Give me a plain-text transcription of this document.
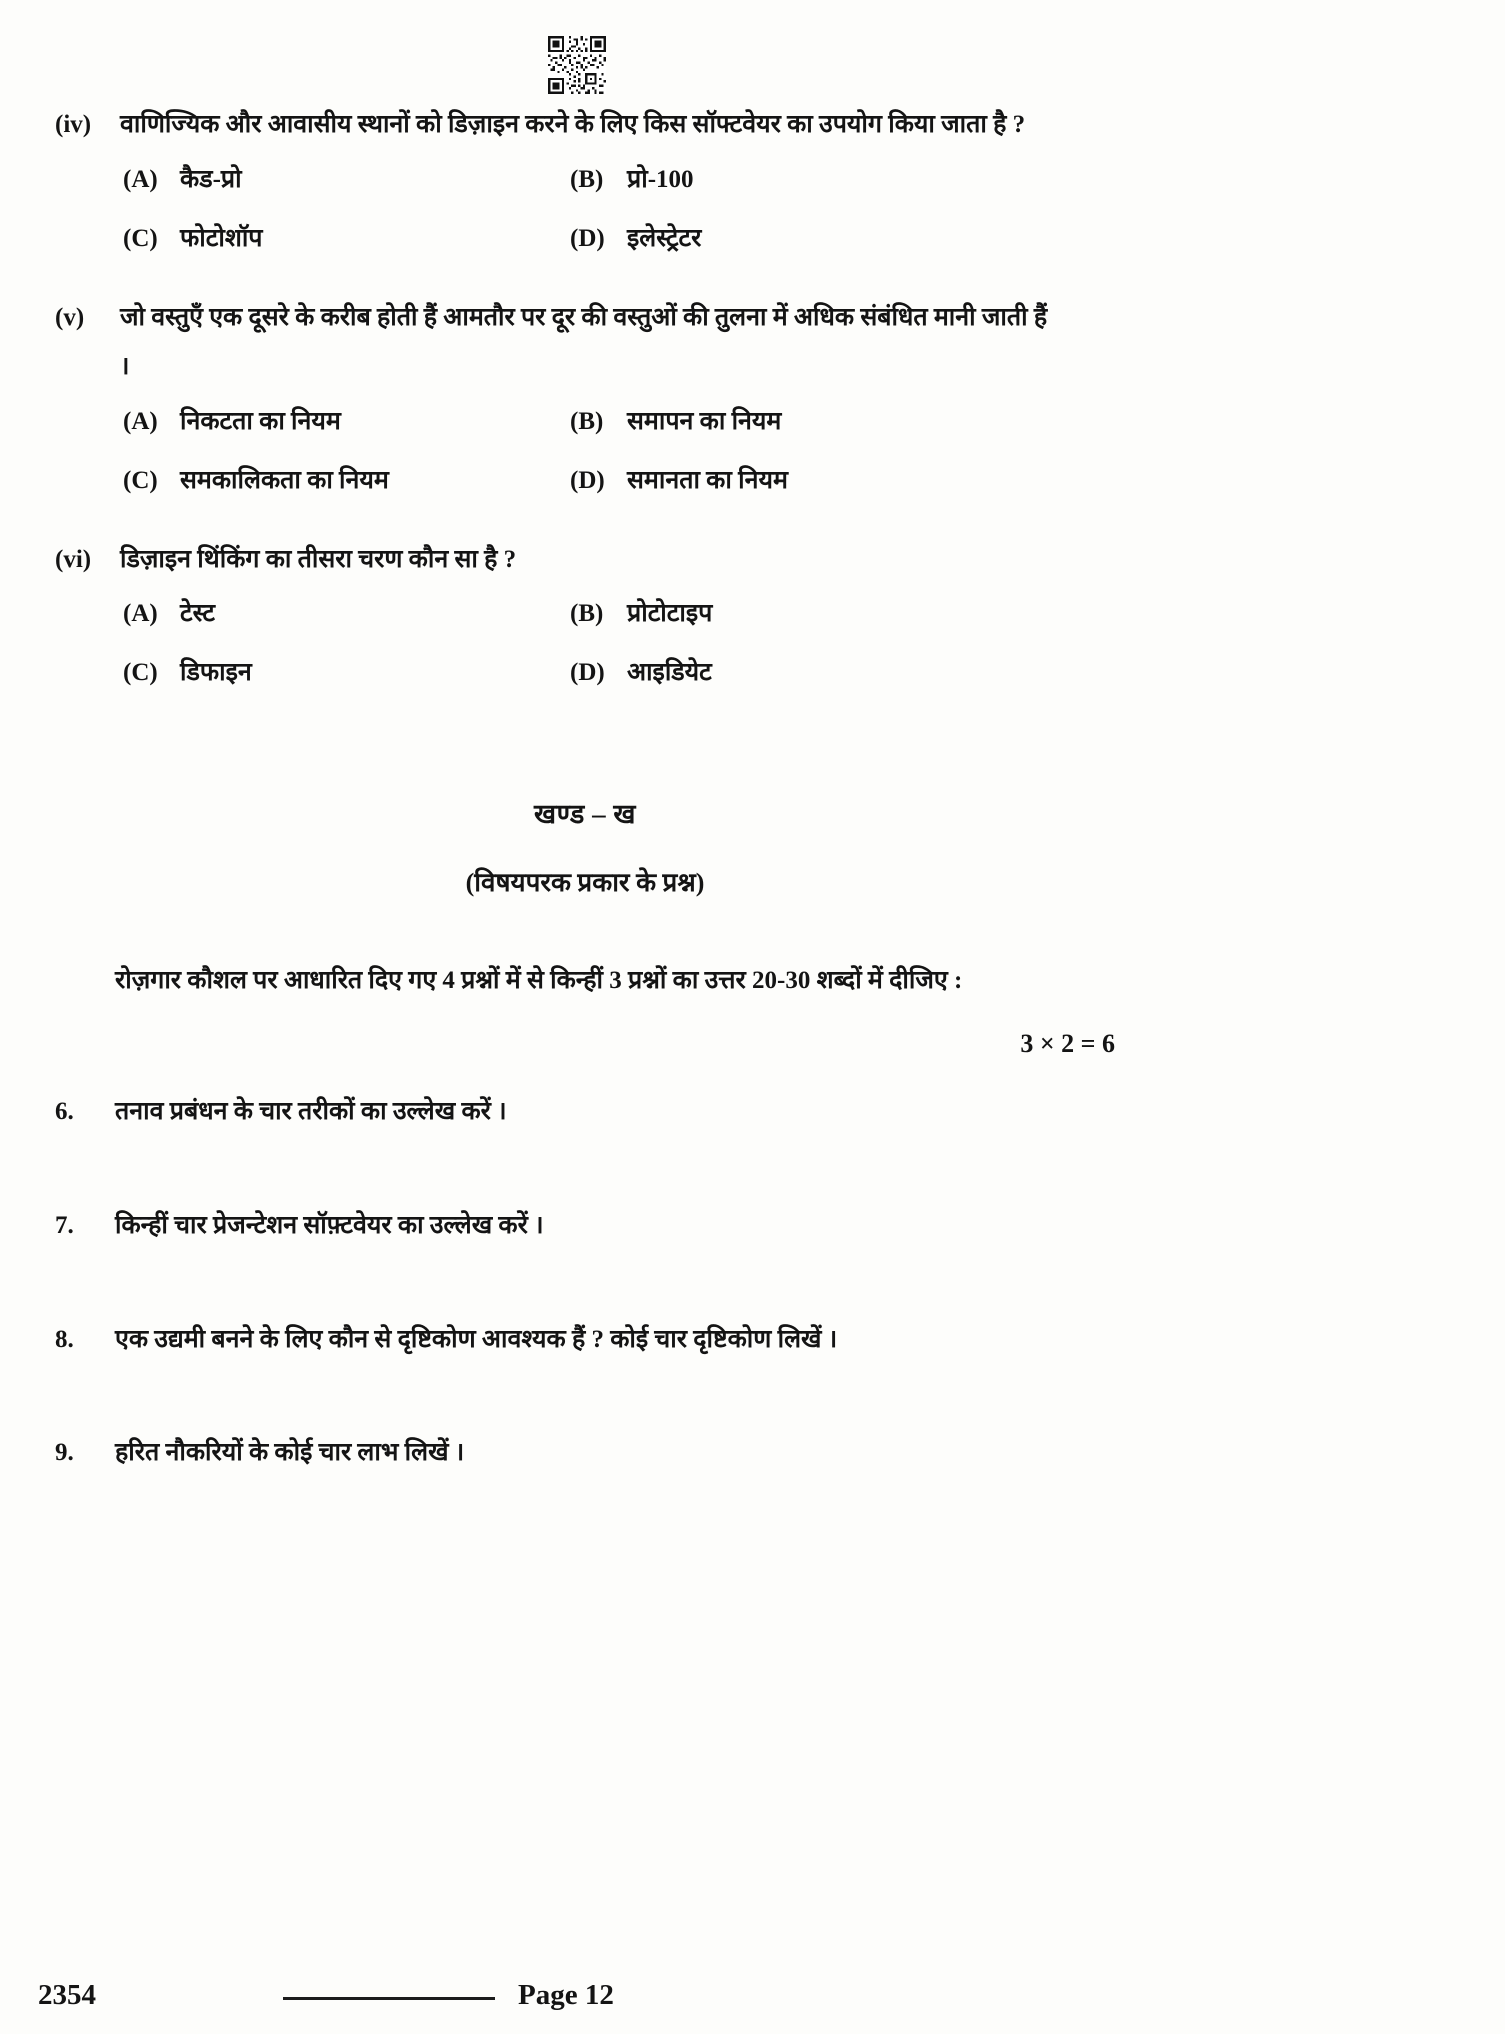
(iv)	वाणिज्यिक और आवासीय स्थानों को डिज़ाइन करने के लिए किस सॉफ्टवेयर का उपयोग किया जाता है ?
(A) कैड-प्रो	(B) प्रो-100
(C) फोटोशॉप	(D) इलेस्ट्रेटर
(v)	जो वस्तुएँ एक दूसरे के करीब होती हैं आमतौर पर दूर की वस्तुओं की तुलना में अधिक संबंधित मानी जाती हैं ।
(A) निकटता का नियम	(B) समापन का नियम
(C) समकालिकता का नियम	(D) समानता का नियम
(vi)	डिज़ाइन थिंकिंग का तीसरा चरण कौन सा है ?
(A) टेस्ट	(B) प्रोटोटाइप
(C) डिफाइन	(D) आइडियेट
खण्ड – ख
(विषयपरक प्रकार के प्रश्न)
रोज़गार कौशल पर आधारित दिए गए 4 प्रश्नों में से किन्हीं 3 प्रश्नों का उत्तर 20-30 शब्दों में दीजिए :
3 × 2 = 6
6.	तनाव प्रबंधन के चार तरीकों का उल्लेख करें ।
7.	किन्हीं चार प्रेजन्टेशन सॉफ़्टवेयर का उल्लेख करें ।
8.	एक उद्यमी बनने के लिए कौन से दृष्टिकोण आवश्यक हैं ? कोई चार दृष्टिकोण लिखें ।
9.	हरित नौकरियों के कोई चार लाभ लिखें ।
2354	Page 12
